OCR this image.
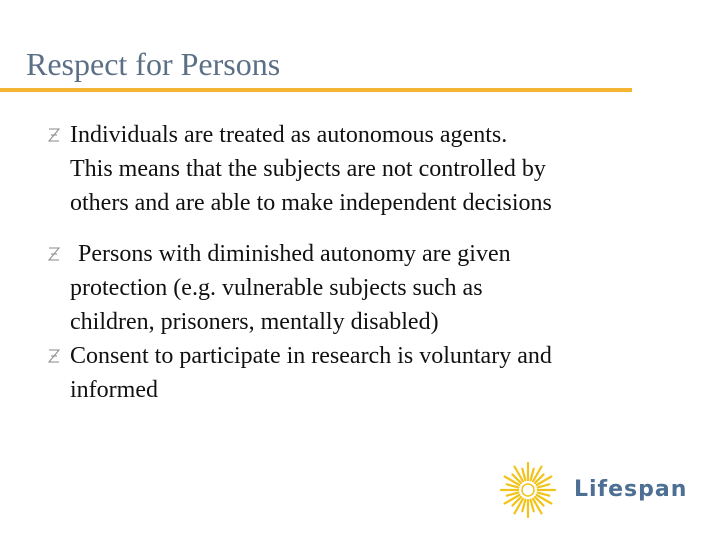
Respect for Persons
Individuals are treated as autonomous agents.
This means that the subjects are not controlled by
others and are able to make independent decisions
Persons with diminished autonomy are given
protection (e.g. vulnerable subjects such as
children, prisoners, mentally disabled)
Consent to participate in research is voluntary and
informed
Lifespan
